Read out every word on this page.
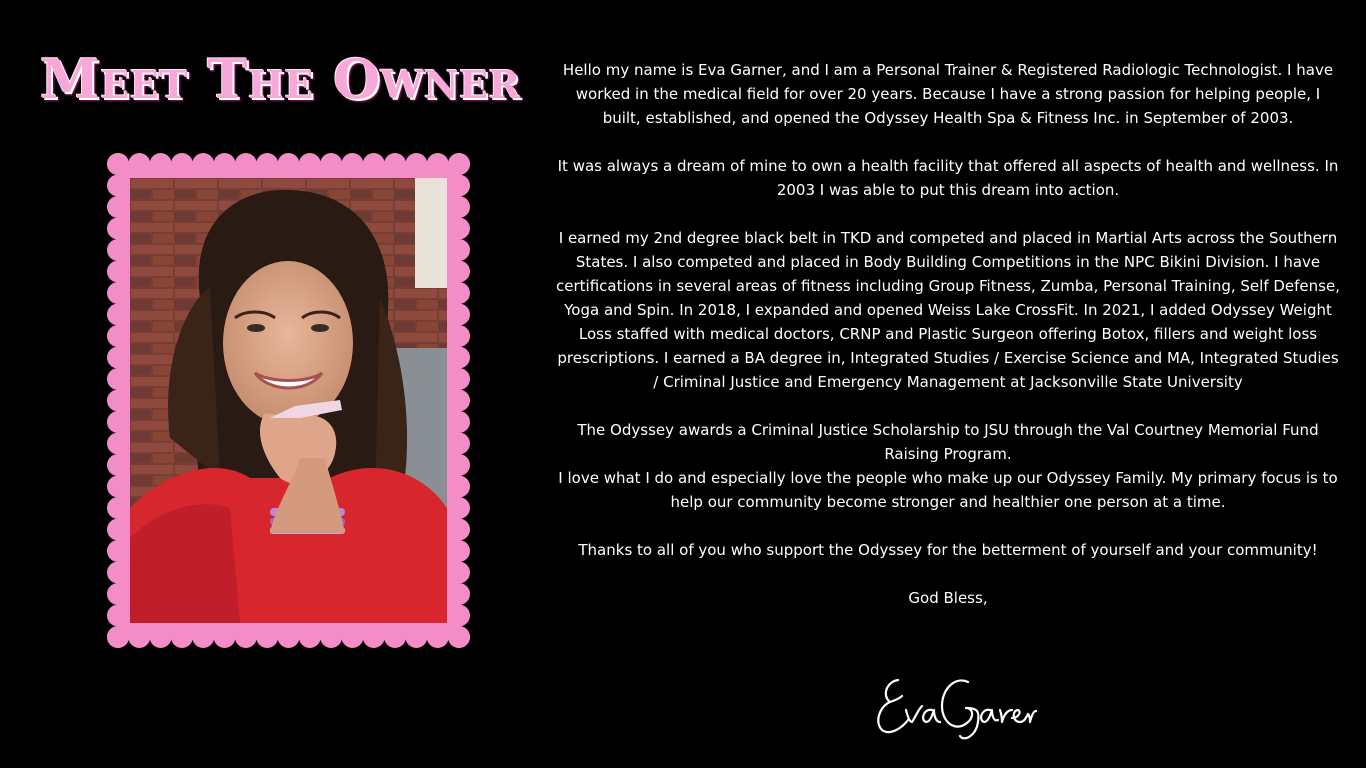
Meet The Owner	Hello my name is Eva Garner, and I am a Personal Trainer & Registered Radiologic Technologist. I have worked in the medical field for over 20 years. Because I have a strong passion for helping people, I built, established, and opened the Odyssey Health Spa & Fitness Inc. in September of 2003.

It was always a dream of mine to own a health facility that offered all aspects of health and wellness. In 2003 I was able to put this dream into action.

I earned my 2nd degree black belt in TKD and competed and placed in Martial Arts across the Southern States. I also competed and placed in Body Building Competitions in the NPC Bikini Division. I have certifications in several areas of fitness including Group Fitness, Zumba, Personal Training, Self Defense, Yoga and Spin. In 2018, I expanded and opened Weiss Lake CrossFit. In 2021, I added Odyssey Weight Loss staffed with medical doctors, CRNP and Plastic Surgeon offering Botox, fillers and weight loss prescriptions. I earned a BA degree in, Integrated Studies / Exercise Science and MA, Integrated Studies / Criminal Justice and Emergency Management at Jacksonville State University

The Odyssey awards a Criminal Justice Scholarship to JSU through the Val Courtney Memorial Fund Raising Program.

I love what I do and especially love the people who make up our Odyssey Family. My primary focus is to help our community become stronger and healthier one person at a time.

Thanks to all of you who support the Odyssey for the betterment of yourself and your community!

God Bless,
